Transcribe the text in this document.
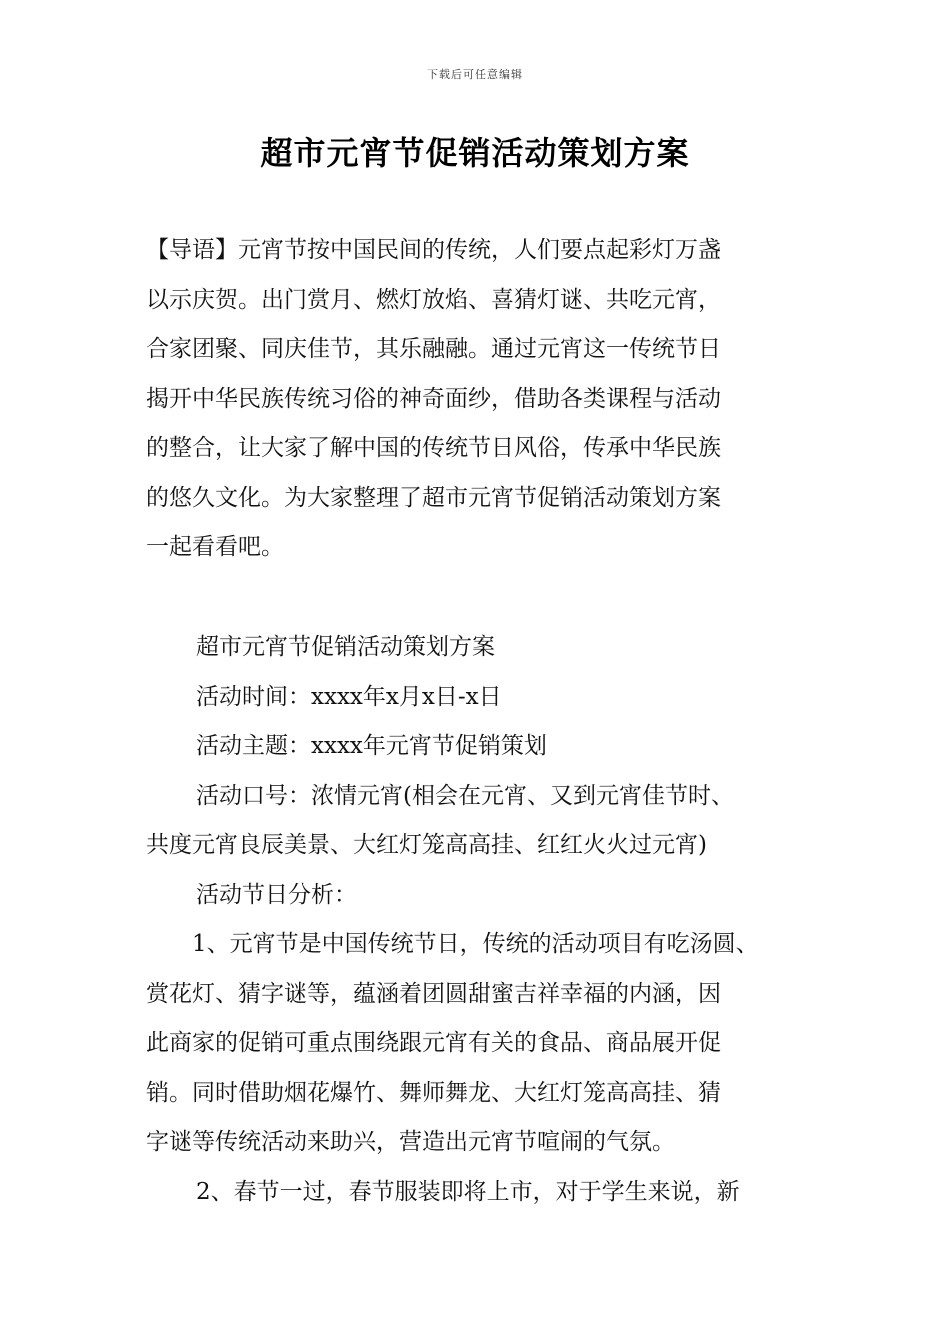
下载后可任意编辑
超市元宵节促销活动策划方案
【导语】元宵节按中国民间的传统，人们要点起彩灯万盏
以示庆贺。出门赏月、燃灯放焰、喜猜灯谜、共吃元宵，
合家团聚、同庆佳节，其乐融融。通过元宵这一传统节日
揭开中华民族传统习俗的神奇面纱，借助各类课程与活动
的整合，让大家了解中国的传统节日风俗，传承中华民族
的悠久文化。为大家整理了超市元宵节促销活动策划方案
一起看看吧。
超市元宵节促销活动策划方案
活动时间：xxxx年x月x日-x日
活动主题：xxxx年元宵节促销策划
活动口号：浓情元宵(相会在元宵、又到元宵佳节时、
共度元宵良辰美景、大红灯笼高高挂、红红火火过元宵)
活动节日分析：
1、元宵节是中国传统节日，传统的活动项目有吃汤圆、
赏花灯、猜字谜等，蕴涵着团圆甜蜜吉祥幸福的内涵，因
此商家的促销可重点围绕跟元宵有关的食品、商品展开促
销。同时借助烟花爆竹、舞师舞龙、大红灯笼高高挂、猜
字谜等传统活动来助兴，营造出元宵节喧闹的气氛。
2、春节一过，春节服装即将上市，对于学生来说，新
